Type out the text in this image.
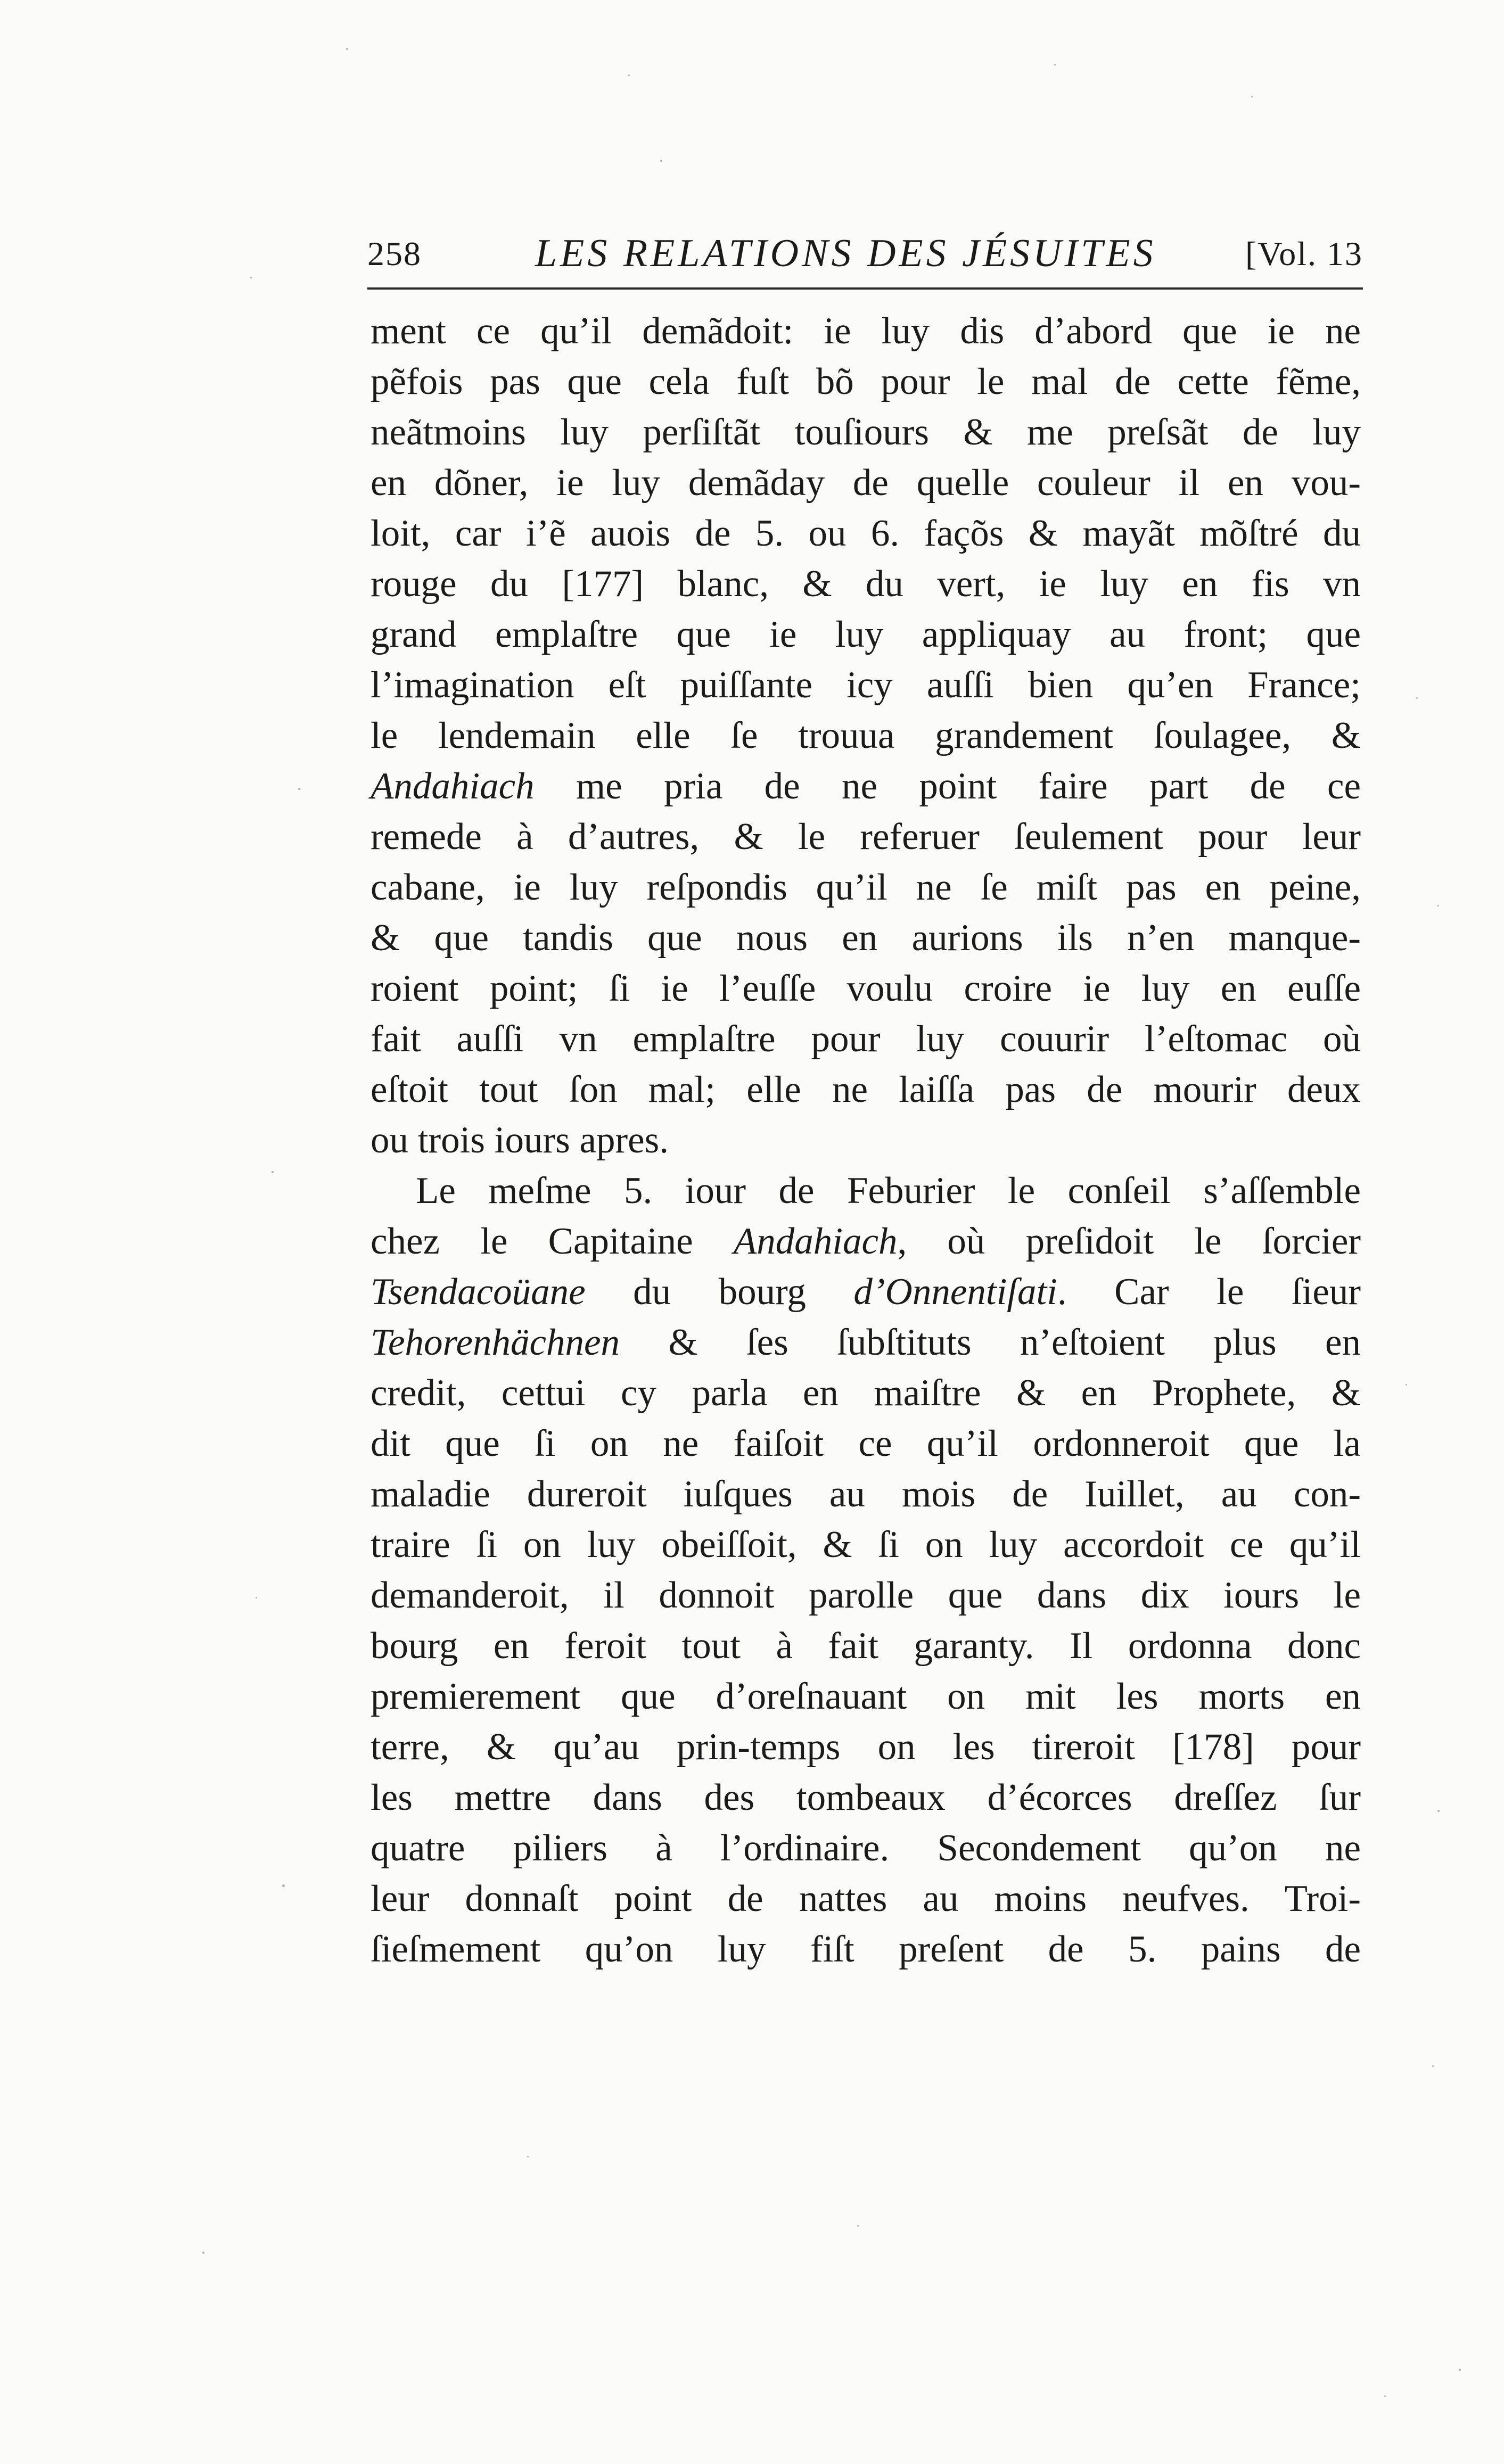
258	LES RELATIONS DES JÉSUITES	[Vol. 13
ment ce qu’il demãdoit: ie luy dis d’abord que ie ne
pẽfois pas que cela fuſt bõ pour le mal de cette fẽme,
neãtmoins luy perſiſtãt touſiours & me preſsãt de luy
en dõner, ie luy demãday de quelle couleur il en vou-
loit, car i’ẽ auois de 5. ou 6. façõs & mayãt mõſtré du
rouge du [177] blanc, & du vert, ie luy en fis vn
grand emplaſtre que ie luy appliquay au front; que
l’imagination eſt puiſſante icy auſſi bien qu’en France;
le lendemain elle ſe trouua grandement ſoulagee, &
Andahiach me pria de ne point faire part de ce
remede à d’autres, & le referuer ſeulement pour leur
cabane, ie luy reſpondis qu’il ne ſe miſt pas en peine,
& que tandis que nous en aurions ils n’en manque-
roient point; ſi ie l’euſſe voulu croire ie luy en euſſe
fait auſſi vn emplaſtre pour luy couurir l’eſtomac où
eſtoit tout ſon mal; elle ne laiſſa pas de mourir deux
ou trois iours apres.
Le meſme 5. iour de Feburier le conſeil s’aſſemble
chez le Capitaine Andahiach, où preſidoit le ſorcier
Tsendacoüane du bourg d’Onnentiſati. Car le ſieur
Tehorenhächnen & ſes ſubſtituts n’eſtoient plus en
credit, cettui cy parla en maiſtre & en Prophete, &
dit que ſi on ne faiſoit ce qu’il ordonneroit que la
maladie dureroit iuſques au mois de Iuillet, au con-
traire ſi on luy obeiſſoit, & ſi on luy accordoit ce qu’il
demanderoit, il donnoit parolle que dans dix iours le
bourg en feroit tout à fait garanty. Il ordonna donc
premierement que d’oreſnauant on mit les morts en
terre, & qu’au prin-temps on les tireroit [178] pour
les mettre dans des tombeaux d’écorces dreſſez ſur
quatre piliers à l’ordinaire. Secondement qu’on ne
leur donnaſt point de nattes au moins neufves. Troi-
ſieſmement qu’on luy fiſt preſent de 5. pains de
